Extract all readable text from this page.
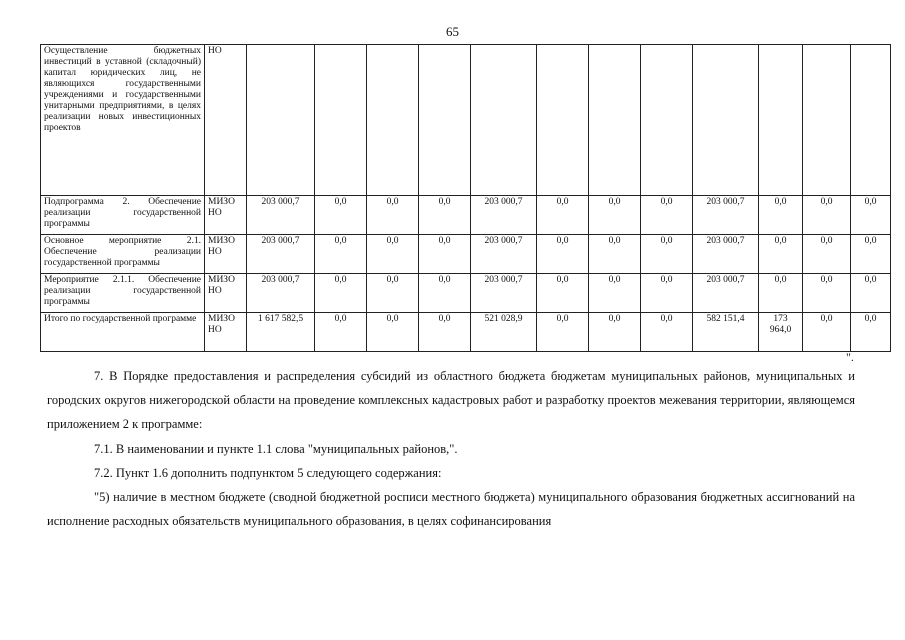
65
Осуществление бюджетных инвестиций в уставной (складочный) капитал юридических лиц, не являющихся государственными учреждениями и государственными унитарными предприятиями, в целях реализации новых инвестиционных проектов	НО												
Подпрограмма 2. Обеспечение реализации государственной программы	МИЗО НО	203 000,7	0,0	0,0	0,0	203 000,7	0,0	0,0	0,0	203 000,7	0,0	0,0	0,0
Основное мероприятие 2.1. Обеспечение реализации государственной программы	МИЗО НО	203 000,7	0,0	0,0	0,0	203 000,7	0,0	0,0	0,0	203 000,7	0,0	0,0	0,0
Мероприятие 2.1.1. Обеспечение реализации государственной программы	МИЗО НО	203 000,7	0,0	0,0	0,0	203 000,7	0,0	0,0	0,0	203 000,7	0,0	0,0	0,0
Итого по государственной программе	МИЗО НО	1 617 582,5	0,0	0,0	0,0	521 028,9	0,0	0,0	0,0	582 151,4	173 964,0	0,0	0,0
".

7. В Порядке предоставления и распределения субсидий из областного бюджета бюджетам муниципальных районов, муниципальных и городских округов нижегородской области на проведение комплексных кадастровых работ и разработку проектов межевания территории, являющемся приложением 2 к программе:

7.1. В наименовании и пункте 1.1 слова "муниципальных районов,".

7.2. Пункт 1.6 дополнить подпунктом 5 следующего содержания:

"5) наличие в местном бюджете (сводной бюджетной росписи местного бюджета) муниципального образования бюджетных ассигнований на исполнение расходных обязательств муниципального образования, в целях софинансирования
